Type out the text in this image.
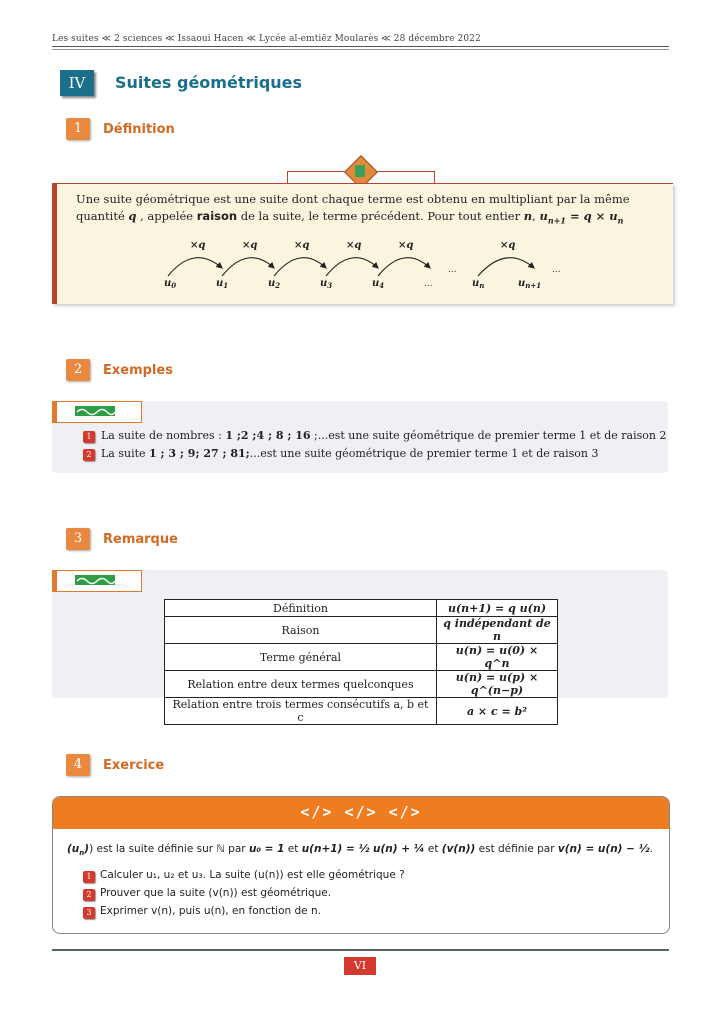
Les suites ≪ 2 sciences ≪ Issaoui Hacen ≪ Lycée al-emtiëz Moularès ≪ 28 décembre 2022
IV	Suites géométriques
1	Définition
Une suite géométrique est une suite dont chaque terme est obtenu en multipliant par la même quantité q , appelée raison de la suite, le terme précédent. Pour tout entier n, $u_{n+1} = q \times u_n$
×q	×q	×q	×q	×q	×q
$u_0$	$u_1$	$u_2$	$u_3$	$u_4$	$u_n$	$u_{n+1}$
...
...	...
2	Exemples
1 La suite de nombres : 1 ;2 ;4 ; 8 ; 16 ;...est une suite géométrique de premier terme 1 et de raison 2
2 La suite 1 ; 3 ; 9; 27 ; 81;...est une suite géométrique de premier terme 1 et de raison 3
3	Remarque
Définition	u(n+1) = q u(n)
Raison	q indépendant de n
Terme général	u(n) = u(0) × q^n
Relation entre deux termes quelconques	u(n) = u(p) × q^(n−p)
Relation entre trois termes consécutifs a, b et c	a × c = b²
4	Exercice
</> </> </>
$(u_n)$) est la suite définie sur ℕ par u₀ = 1 et u(n+1) = ½ u(n) + ¼ et (v(n)) est définie par v(n) = u(n) − ½.
1 Calculer u₁, u₂ et u₃. La suite (u(n)) est elle géométrique ?
2 Prouver que la suite (v(n)) est géométrique.
3 Exprimer v(n), puis u(n), en fonction de n.
VI
